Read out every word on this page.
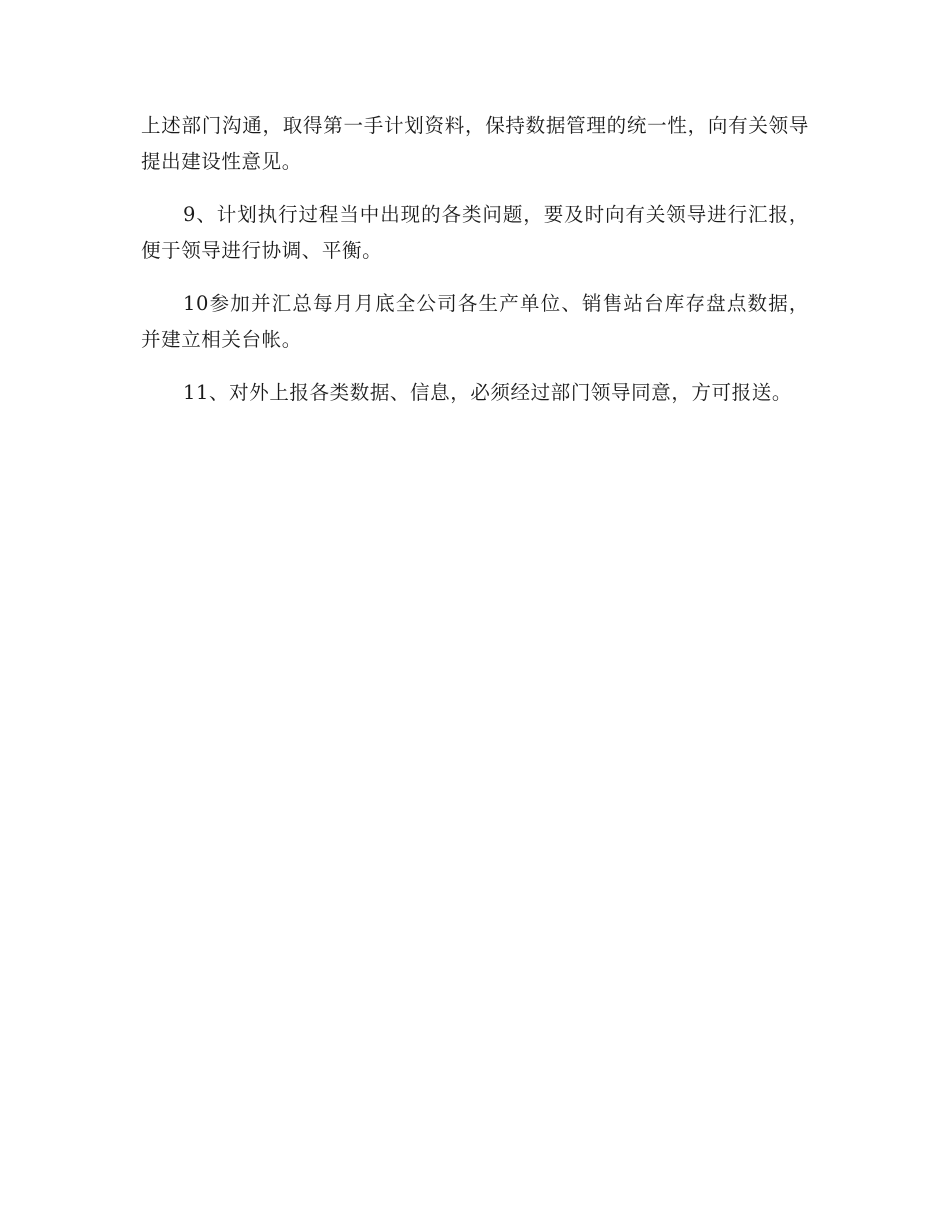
上述部门沟通，取得第一手计划资料，保持数据管理的统一性，向有关领导提出建设性意见。

9、计划执行过程当中出现的各类问题，要及时向有关领导进行汇报，便于领导进行协调、平衡。

10参加并汇总每月月底全公司各生产单位、销售站台库存盘点数据，并建立相关台帐。

11、对外上报各类数据、信息，必须经过部门领导同意，方可报送。
